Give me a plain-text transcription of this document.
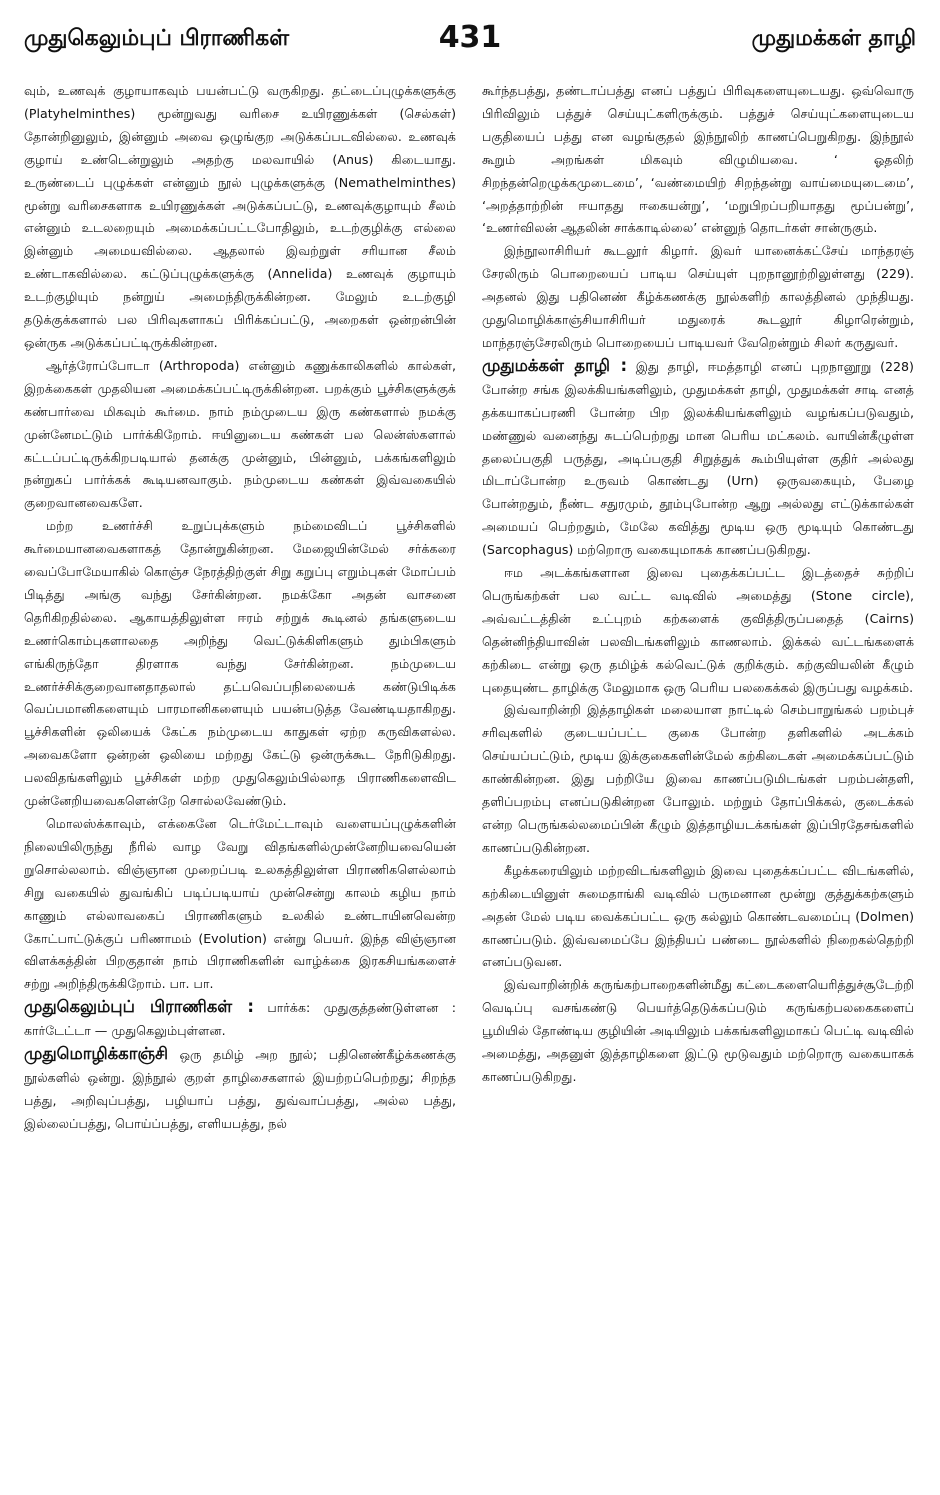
முதுகெலும்புப் பிராணிகள்	431	முதுமக்கள் தாழி

வும், உணவுக் குழாயாகவும் பயன்பட்டு வருகிறது. தட்டைப்புழுக்களுக்கு (Platyhelminthes) மூன்றுவது வரிசை உயிரணுக்கள் (செல்கள்) தோன்றினுலும், இன்னும் அவை ஒழுங்குற அடுக்கப்படவில்லை. உணவுக் குழாய் உண்டென்றுலும் அதற்கு மலவாயில் (Anus) கிடையாது. உருண்டைப் புழுக்கள் என்னும் நூல் புழுக்களுக்கு (Nemathelminthes) மூன்று வரிசைகளாக உயிரணுக்கள் அடுக்கப்பட்டு, உணவுக்குழாயும் சீலம் என்னும் உடலறையும் அமைக்கப்பட்டபோதிலும், உடற்குழிக்கு எல்லை இன்னும் அமையவில்லை. ஆதலால் இவற்றுள் சரியான சீலம் உண்டாகவில்லை. கட்டுப்புழுக்களுக்கு (Annelida) உணவுக் குழாயும் உடற்குழியும் நன்றுய் அமைந்திருக்கின்றன. மேலும் உடற்குழி தடுக்குக்களால் பல பிரிவுகளாகப் பிரிக்கப்பட்டு, அறைகள் ஒன்றன்பின் ஒன்ருக அடுக்கப்பட்டிருக்கின்றன.

ஆர்த்ரோப்போடா (Arthropoda) என்னும் கணுக்காலிகளில் கால்கள், இறக்கைகள் முதலியன அமைக்கப்பட்டிருக்கின்றன. பறக்கும் பூச்சிகளுக்குக் கண்பார்வை மிகவும் கூர்மை. நாம் நம்முடைய இரு கண்களால் நமக்கு முன்னேமட்டும் பார்க்கிறோம். ஈயினுடைய கண்கள் பல லென்ஸ்களால் கட்டப்பட்டிருக்கிறபடியால் தனக்கு முன்னும், பின்னும், பக்கங்களிலும் நன்றுகப் பார்க்கக் கூடியனவாகும். நம்முடைய கண்கள் இவ்வகையில் குறைவானவைகளே.

மற்ற உணர்ச்சி உறுப்புக்களும் நம்மைவிடப் பூச்சிகளில் கூர்மையானவைகளாகத் தோன்றுகின்றன. மேஜையின்மேல் சர்க்கரை வைப்போமேயாகில் கொஞ்ச நேரத்திற்குள் சிறு கறுப்பு எறும்புகள் மோப்பம் பிடித்து அங்கு வந்து சேர்கின்றன. நமக்கோ அதன் வாசனை தெரிகிறதில்லை. ஆகாயத்திலுள்ள ஈரம் சற்றுக் கூடினல் தங்களுடைய உணர்கொம்புகளாலதை அறிந்து வெட்டுக்கிளிகளும் தும்பிகளும் எங்கிருந்தோ திரளாக வந்து சேர்கின்றன. நம்முடைய உணர்ச்சிக்குறைவானதாதலால் தட்பவெப்பநிலையைக் கண்டுபிடிக்க வெப்பமானிகளையும் பாரமானிகளையும் பயன்படுத்த வேண்டியதாகிறது. பூச்சிகளின் ஒலியைக் கேட்க நம்முடைய காதுகள் ஏற்ற கருவிகளல்ல. அவைகளோ ஒன்றன் ஒலியை மற்றது கேட்டு ஒன்ருக்கூட நேரிடுகிறது. பலவிதங்களிலும் பூச்சிகள் மற்ற முதுகெலும்பில்லாத பிராணிகளைவிட முன்னேறியவைகளென்றே சொல்லவேண்டும்.

மொலஸ்க்காவும், எக்கைனே டெர்மேட்டாவும் வளையப்புழுக்களின் நிலையிலிருந்து நீரில் வாழ வேறு விதங்களில்முன்னேறியவையென் றுசொல்லலாம். விஞ்ஞான முறைப்படி உலகத்திலுள்ள பிராணிகளெல்லாம் சிறு வகையில் துவங்கிப் படிப்படியாய் முன்சென்று காலம் கழிய நாம் காணும் எல்லாவகைப் பிராணிகளும் உலகில் உண்டாயினவென்ற கோட்பாட்டுக்குப் பரிணாமம் (Evolution) என்று பெயர். இந்த விஞ்ஞான விளக்கத்தின் பிறகுதான் நாம் பிராணிகளின் வாழ்க்கை இரகசியங்களைச் சற்று அறிந்திருக்கிறோம். பா. பா.

முதுகெலும்புப் பிராணிகள் : பார்க்க: முதுகுத்தண்டுள்ளன : கார்டேட்டா — முதுகெலும்புள்ளன.

முதுமொழிக்காஞ்சி ஒரு தமிழ் அற நூல்; பதினெண்கீழ்க்கணக்கு நூல்களில் ஒன்று. இந்நூல் குறள் தாழிசைகளால் இயற்றப்பெற்றது; சிறந்த பத்து, அறிவுப்பத்து, பழியாப் பத்து, துவ்வாப்பத்து, அல்ல பத்து, இல்லைப்பத்து, பொய்ப்பத்து, எளியபத்து, நல்

கூர்ந்தபத்து, தண்டாப்பத்து எனப் பத்துப் பிரிவுகளையுடையது. ஒவ்வொரு பிரிவிலும் பத்துச் செய்யுட்களிருக்கும். பத்துச் செய்யுட்களையுடைய பகுதியைப் பத்து என வழங்குதல் இந்நூலிற் காணப்பெறுகிறது. இந்நூல் கூறும் அறங்கள் மிகவும் விழுமியவை. ‘ ஓதலிற் சிறந்தன்றெழுக்கமுடைமை’, ‘வண்மையிற் சிறந்தன்று வாய்மையுடைமை’, ‘அறத்தாற்றின் ஈயாதது ஈகையன்று’, ‘மறுபிறப்பறியாதது மூப்பன்று’, ‘உணர்விலன் ஆதலின் சாக்காடில்லை’ என்னுந் தொடர்கள் சான்ருகும்.

இந்நூலாசிரியர் கூடலூர் கிழார். இவர் யானைக்கட்சேய் மாந்தரஞ் சேரலிரும் பொறையைப் பாடிய செய்யுள் புறநானூற்றிலுள்ளது (229). அதனல் இது பதினெண் கீழ்க்கணக்கு நூல்களிற் காலத்தினல் முந்தியது. முதுமொழிக்காஞ்சியாசிரியர் மதுரைக் கூடலூர் கிழாரென்றும், மாந்தரஞ்சேரலிரும் பொறையைப் பாடியவர் வேறென்றும் சிலர் கருதுவர்.

முதுமக்கள் தாழி : இது தாழி, ஈமத்தாழி எனப் புறநானூறு (228) போன்ற சங்க இலக்கியங்களிலும், முதுமக்கள் தாழி, முதுமக்கள் சாடி எனத் தக்கயாகப்பரணி போன்ற பிற இலக்கியங்களிலும் வழங்கப்படுவதும், மண்ணுல் வனைந்து சுடப்பெற்றது மான பெரிய மட்கலம். வாயின்கீழுள்ள தலைப்பகுதி பருத்து, அடிப்பகுதி சிறுத்துக் கூம்பியுள்ள குதிர் அல்லது மிடாப்போன்ற உருவம் கொண்டது (Urn) ஒருவகையும், பேழை போன்றதும், நீண்ட சதுரமும், தூம்புபோன்ற ஆறு அல்லது எட்டுக்கால்கள் அமையப் பெற்றதும், மேலே கவித்து மூடிய ஒரு மூடியும் கொண்டது (Sarcophagus) மற்றொரு வகையுமாகக் காணப்படுகிறது.

ஈம அடக்கங்களான இவை புதைக்கப்பட்ட இடத்தைச் சுற்றிப் பெருங்கற்கள் பல வட்ட வடிவில் அமைத்து (Stone circle), அவ்வட்டத்தின் உட்புறம் கற்களைக் குவித்திருப்பதைத் (Cairns) தென்னிந்தியாவின் பலவிடங்களிலும் காணலாம். இக்கல் வட்டங்களைக் கற்கிடை என்று ஒரு தமிழ்க் கல்வெட்டுக் குறிக்கும். கற்குவியலின் கீழும் புதையுண்ட தாழிக்கு மேலுமாக ஒரு பெரிய பலகைக்கல் இருப்பது வழக்கம்.

இவ்வாறின்றி இத்தாழிகள் மலையாள நாட்டில் செம்பாறுங்கல் பறம்புச் சரிவுகளில் குடையப்பட்ட குகை போன்ற தளிகளில் அடக்கம் செய்யப்பட்டும், மூடிய இக்குகைகளின்மேல் கற்கிடைகள் அமைக்கப்பட்டும் காண்கின்றன. இது பற்றியே இவை காணப்படுமிடங்கள் பறம்பன்தளி, தளிப்பறம்பு எனப்படுகின்றன போலும். மற்றும் தோப்பிக்கல், குடைக்கல் என்ற பெருங்கல்லமைப்பின் கீழும் இத்தாழியடக்கங்கள் இப்பிரதேசங்களில் காணப்படுகின்றன.

கீழக்கரையிலும் மற்றவிடங்களிலும் இவை புதைக்கப்பட்ட விடங்களில், கற்கிடையினுள் சுமைதாங்கி வடிவில் பருமனான மூன்று குத்துக்கற்களும் அதன் மேல் படிய வைக்கப்பட்ட ஒரு கல்லும் கொண்டவமைப்பு (Dolmen) காணப்படும். இவ்வமைப்பே இந்தியப் பண்டை நூல்களில் நிறைகல்தெற்றி எனப்படுவன.

இவ்வாறின்றிக் கருங்கற்பாறைகளின்மீது கட்டைகளையெரித்துச்சூடேற்றி வெடிப்பு வசங்கண்டு பெயர்த்தெடுக்கப்படும் கருங்கற்பலகைகளைப் பூமியில் தோண்டிய குழியின் அடியிலும் பக்கங்களிலுமாகப் பெட்டி வடிவில் அமைத்து, அதனுள் இத்தாழிகளை இட்டு மூடுவதும் மற்றொரு வகையாகக் காணப்படுகிறது.
